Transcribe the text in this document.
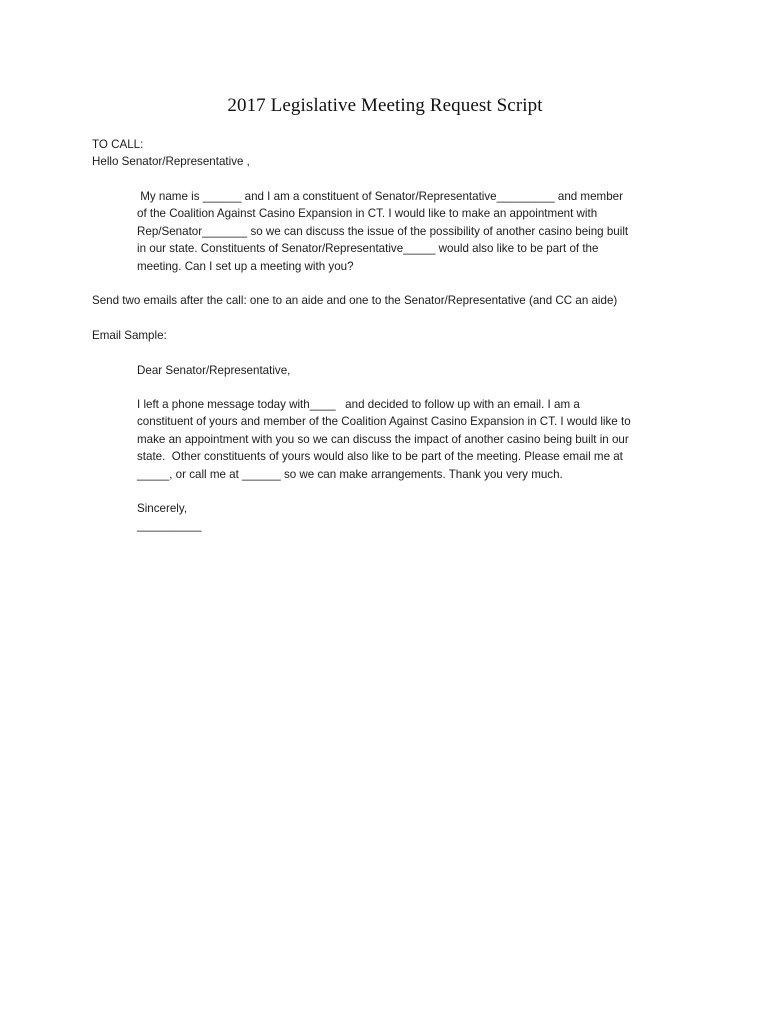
2017 Legislative Meeting Request Script
TO CALL:
Hello Senator/Representative ,
My name is ______ and I am a constituent of Senator/Representative_________ and member
of the Coalition Against Casino Expansion in CT. I would like to make an appointment with
Rep/Senator_______ so we can discuss the issue of the possibility of another casino being built
in our state. Constituents of Senator/Representative_____ would also like to be part of the
meeting. Can I set up a meeting with you?
Send two emails after the call: one to an aide and one to the Senator/Representative (and CC an aide)
Email Sample:
Dear Senator/Representative,
I left a phone message today with____   and decided to follow up with an email. I am a
constituent of yours and member of the Coalition Against Casino Expansion in CT. I would like to
make an appointment with you so we can discuss the impact of another casino being built in our
state.  Other constituents of yours would also like to be part of the meeting. Please email me at
_____, or call me at ______ so we can make arrangements. Thank you very much.
Sincerely,
__________
